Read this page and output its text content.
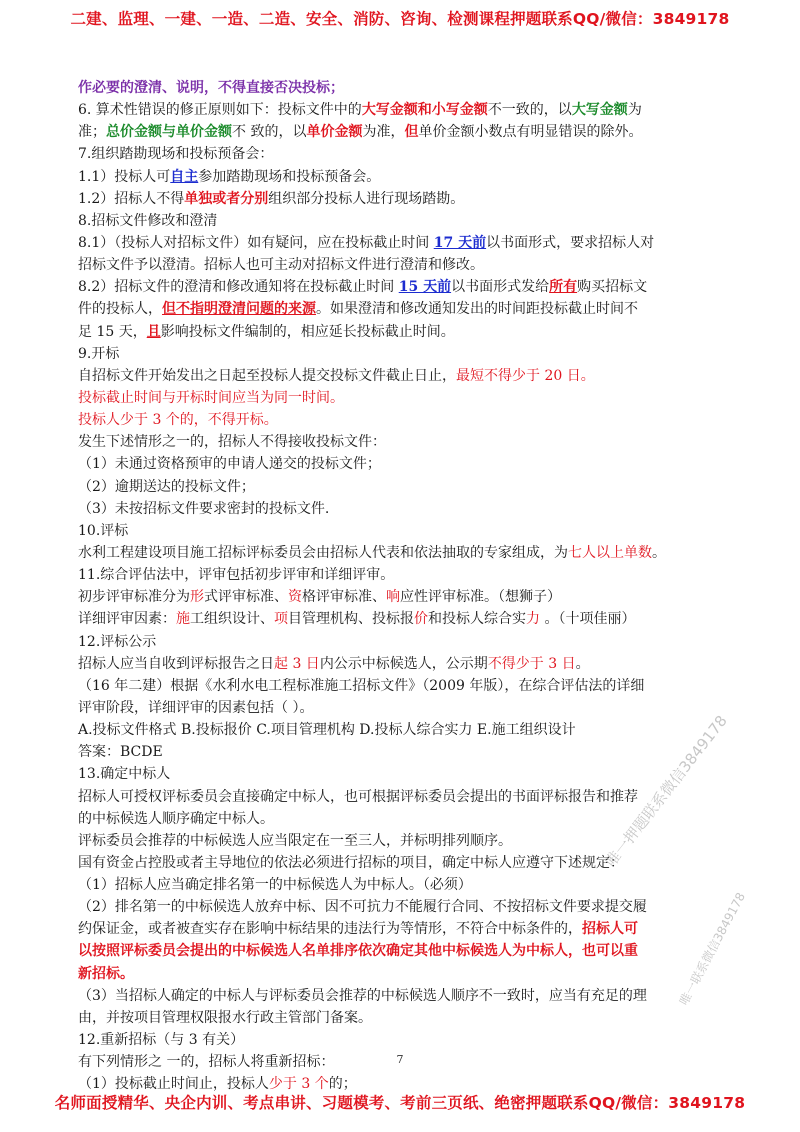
二建、监理、一建、一造、二造、安全、消防、咨询、检测课程押题联系QQ/微信：3849178
作必要的澄清、说明，不得直接否决投标；
6. 算术性错误的修正原则如下：投标文件中的大写金额和小写金额不一致的，以大写金额为
准；总价金额与单价金额不 致的，以单价金额为准，但单价金额小数点有明显错误的除外。
7.组织踏勘现场和投标预备会：
1.1）投标人可自主参加踏勘现场和投标预备会。
1.2）招标人不得单独或者分别组织部分投标人进行现场踏勘。
8.招标文件修改和澄清
8.1）（投标人对招标文件）如有疑问，应在投标截止时间 17 天前以书面形式，要求招标人对
招标文件予以澄清。招标人也可主动对招标文件进行澄清和修改。
8.2）招标文件的澄清和修改通知将在投标截止时间 15 天前以书面形式发给所有购买招标文
件的投标人，但不指明澄清问题的来源。如果澄清和修改通知发出的时间距投标截止时间不
足 15 天，且影响投标文件编制的，相应延长投标截止时间。
9.开标
自招标文件开始发出之日起至投标人提交投标文件截止日止，最短不得少于 20 日。
投标截止时间与开标时间应当为同一时间。
投标人少于 3 个的，不得开标。
发生下述情形之一的，招标人不得接收投标文件：
（1）未通过资格预审的申请人递交的投标文件；
（2）逾期送达的投标文件；
（3）未按招标文件要求密封的投标文件.
10.评标
水利工程建设项目施工招标评标委员会由招标人代表和依法抽取的专家组成，为七人以上单数。
11.综合评估法中，评审包括初步评审和详细评审。
初步评审标准分为形式评审标准、资格评审标准、响应性评审标准。（想狮子）
详细评审因素：施工组织设计、项目管理机构、投标报价和投标人综合实力 。（十项佳丽）
12.评标公示
招标人应当自收到评标报告之日起 3 日内公示中标候选人，公示期不得少于 3 日。
（16 年二建）根据《水利水电工程标准施工招标文件》（2009 年版），在综合评估法的详细
评审阶段，详细评审的因素包括（ ）。
A.投标文件格式 B.投标报价 C.项目管理机构 D.投标人综合实力 E.施工组织设计
答案：BCDE
13.确定中标人
招标人可授权评标委员会直接确定中标人，也可根据评标委员会提出的书面评标报告和推荐
的中标候选人顺序确定中标人。
评标委员会推荐的中标候选人应当限定在一至三人，并标明排列顺序。
国有资金占控股或者主导地位的依法必须进行招标的项目，确定中标人应遵守下述规定：
（1）招标人应当确定排名第一的中标候选人为中标人。（必须）
（2）排名第一的中标候选人放弃中标、因不可抗力不能履行合同、不按招标文件要求提交履
约保证金，或者被查实存在影响中标结果的违法行为等情形，不符合中标条件的，招标人可
以按照评标委员会提出的中标候选人名单排序依次确定其他中标候选人为中标人，也可以重
新招标。
（3）当招标人确定的中标人与评标委员会推荐的中标候选人顺序不一致时，应当有充足的理
由，并按项目管理权限报水行政主管部门备案。
12.重新招标（与 3 有关）
有下列情形之 一的，招标人将重新招标：
（1）投标截止时间止，投标人少于 3 个的；
7
唯一押题联系微信3849178
唯一联系微信3849178
名师面授精华、央企内训、考点串讲、习题模考、考前三页纸、绝密押题联系QQ/微信：3849178
